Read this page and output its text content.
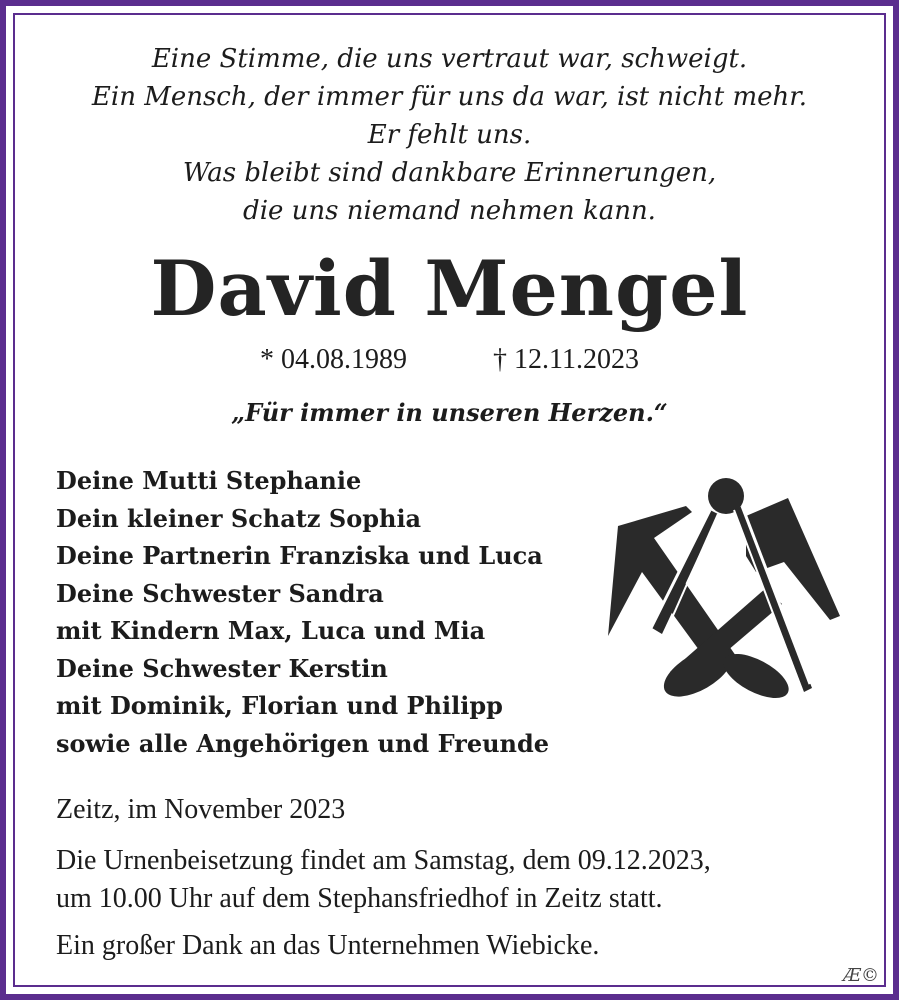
Eine Stimme, die uns vertraut war, schweigt.
Ein Mensch, der immer für uns da war, ist nicht mehr.
Er fehlt uns.
Was bleibt sind dankbare Erinnerungen,
die uns niemand nehmen kann.
David Mengel
* 04.08.1989	† 12.11.2023
„Für immer in unseren Herzen.“
Deine Mutti Stephanie
Dein kleiner Schatz Sophia
Deine Partnerin Franziska und Luca
Deine Schwester Sandra
mit Kindern Max, Luca und Mia
Deine Schwester Kerstin
mit Dominik, Florian und Philipp
sowie alle Angehörigen und Freunde
Zeitz, im November 2023
Die Urnenbeisetzung findet am Samstag, dem 09.12.2023,
um 10.00 Uhr auf dem Stephansfriedhof in Zeitz statt.
Ein großer Dank an das Unternehmen Wiebicke.
Æ©
